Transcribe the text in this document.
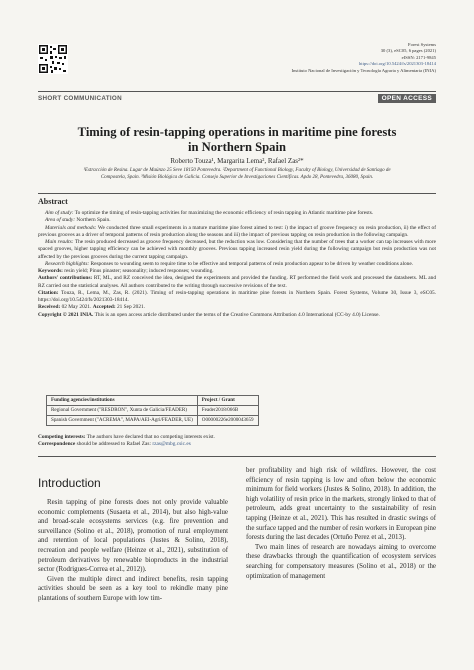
Forest Systems
30 (3), eSC05, 6 pages (2021)
eISSN: 2171-9845
https://doi.org/10.5424/fs/2021303-18414
Instituto Nacional de Investigación y Tecnología Agraria y Alimentaria (INIA)
SHORT COMMUNICATION	OPEN ACCESS
Timing of resin-tapping operations in maritime pine forests
in Northern Spain
Roberto Touza¹, Margarita Lema², Rafael Zas²*
¹Estracción de Resina. Lugar de Maúnzo 25 Seve 18150 Pontevedra. ²Department of Functional Biology, Faculty of Biology, Universidad de Santiago de
Compostela, Spain. ³Misión Biológica de Galicia. Consejo Superior de Investigaciones Científicas. Apdo 28, Pontevedra, 36080, Spain.
Abstract

Aim of study: To optimize the timing of resin-tapping activities for maximizing the economic efficiency of resin tapping in Atlantic maritime pine forests.

Area of study: Northern Spain.

Materials and methods: We conducted three small experiments in a mature maritime pine forest aimed to test: i) the impact of groove frequency on resin production, ii) the effect of previous grooves as a driver of temporal patterns of resin production along the seasons and iii) the impact of previous tapping on resin production in the following campaign.

Main results: The resin produced decreased as groove frequency decreased, but the reduction was low. Considering that the number of trees that a worker can tap increases with more spaced grooves, higher tapping efficiency can be achieved with monthly grooves. Previous tapping increased resin yield during the following campaign but resin production was not affected by the previous grooves during the current tapping campaign.

Research highlights: Responses to wounding seem to require time to be effective and temporal patterns of resin production appear to be driven by weather conditions alone.

Keywords: resin yield; Pinus pinaster; seasonality; induced responses; wounding.

Authors' contributions: RT, ML, and RZ conceived the idea, designed the experiments and provided the funding. RT performed the field work and processed the datasheets. ML and RZ carried out the statistical analyses. All authors contributed to the writing through successive revisions of the text.

Citation: Touza, R., Lema, M., Zas, R. (2021). Timing of resin-tapping operations in maritime pine forests in Northern Spain. Forest Systems, Volume 30, Issue 3, eSC05. https://doi.org/10.5424/fs/2021303-18414.

Received: 02 May 2021. Accepted: 21 Sep 2021.

Copyright © 2021 INIA. This is an open access article distributed under the terms of the Creative Commons Attribution 4.0 International (CC-by 4.0) License.

Funding agencies/institutions	Project / Grant
Regional Government ("RESDRON", Xunta de Galicia/FEADER)	Feader2018/066B
Spanish Government ("ACREMA", MAPA/AEI-Agri/FEADER, UE)	O00000226e2000043659

Competing interests: The authors have declared that no competing interests exist.

Correspondence should be addressed to Rafael Zas: rzas@mbg.csic.es

Introduction

Resin tapping of pine forests does not only provide valuable economic complements (Susaeta et al., 2014), but also high-value and broad-scale ecosystems services (e.g. fire prevention and surveillance (Solino et al., 2018), promotion of rural employment and retention of local populations (Justes & Solino, 2018), recreation and people welfare (Heinze et al., 2021), substitution of petroleum derivatives by renewable bioproducts in the industrial sector (Rodrigues-Correa et al., 2012)).

Given the multiple direct and indirect benefits, resin tapping activities should be seen as a key tool to rekindle many pine plantations of southern Europe with low tim-

ber profitability and high risk of wildfires. However, the cost efficiency of resin tapping is low and often below the economic minimum for field workers (Justes & Solino, 2018). In addition, the high volatility of resin price in the markets, strongly linked to that of petroleum, adds great uncertainty to the sustainability of resin tapping (Heinze et al., 2021). This has resulted in drastic swings of the surface tapped and the number of resin workers in European pine forests during the last decades (Ortuño Perez et al., 2013).

Two main lines of research are nowadays aiming to overcome these drawbacks through the quantification of ecosystem services searching for compensatory measures (Solino et al., 2018) or the optimization of management
